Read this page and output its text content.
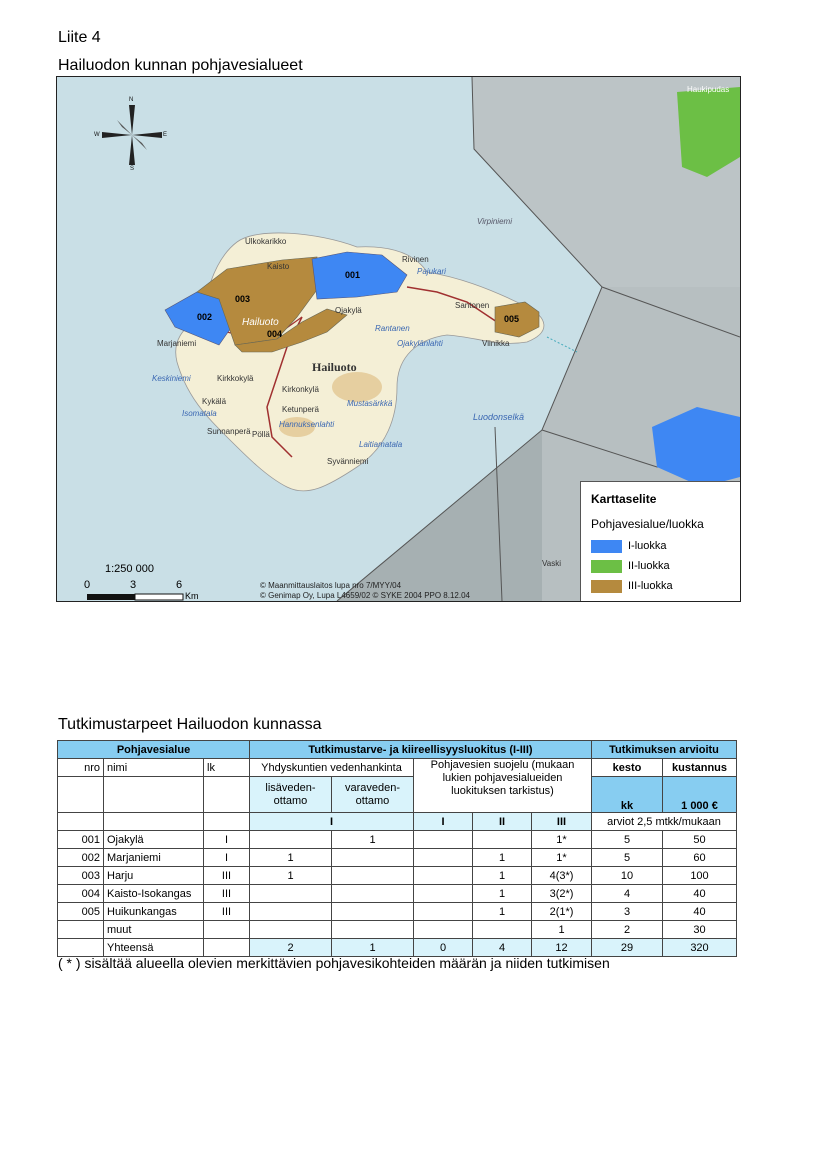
Liite 4
Hailuodon kunnan pohjavesialueet
N
S
E
W
001
002
003
004
005
Hailuoto
Hailuoto
Ojakylä
Santonen
Viinikka
Marjaniemi
Kirkkokylä
Sunnanperä Pöllä
Kirkonkylä
Haukipudas
Ketunperä
Syvänniemi
Rivinen
Kaisto
Ulkokarikko
Kykälä
Vaski
Luodonselkä
Ojakylänlahti
Keskiniemi
Pajukari
Isomatala
Laitiamatala
Hannuksenlahti
Mustasärkkä
Rantanen
Virpiniemi
1:250 000
0	3	6
Km
© Maanmittauslaitos lupa nro 7/MYY/04
© Genimap Oy, Lupa L4659/02 © SYKE 2004 PPO 8.12.04
Karttaselite
Pohjavesialue/luokka
I-luokka
II-luokka
III-luokka
Tutkimustarpeet Hailuodon kunnassa
Pohjavesialue			Tutkimustarve- ja kiireellisyysluokitus (I-III)					Tutkimuksen arvioitu	
nro	nimi	lk	Yhdyskuntien vedenhankinta		Pohjavesien suojelu (mukaan lukien pohjavesialueiden luokituksen tarkistus)			kesto	kustannus
			lisäveden-ottamo	varaveden-ottamo				kk	1 000 €
			I		I	II	III	arviot 2,5 mtkk/mukaan	
001	Ojakylä	I		1			1*	5	50
002	Marjaniemi	I	1			1	1*	5	60
003	Harju	III	1			1	4(3*)	10	100
004	Kaisto-Isokangas	III				1	3(2*)	4	40
005	Huikunkangas	III				1	2(1*)	3	40
	muut						1	2	30
	Yhteensä		2	1	0	4	12	29	320
( * ) sisältää alueella olevien merkittävien pohjavesikohteiden määrän ja niiden tutkimisen
